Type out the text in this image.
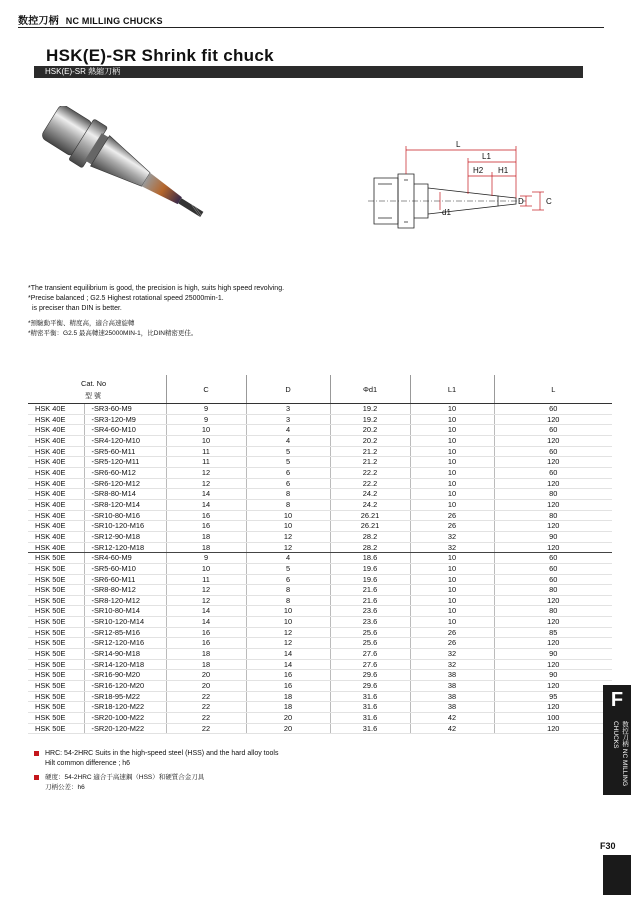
数控刀柄 NC MILLING CHUCKS
HSK(E)-SR Shrink fit chuck
HSK(E)-SR 熱縮刀柄
L
L1
H2 H1
D	C
d1
*The transient equilibrium is good, the precision is high, suits high speed revolving.
*Precise balanced ; G2.5 Highest rotational speed 25000min-1.
is preciser than DIN is better.
*預驗動平衡、精度高，適合高速旋轉
*精密平衡：G2.5 最高轉速25000MIN-1，比DIN精密更佳。
Cat. No
型 號		C	D	Φd1	L1	L
HSK 40E	-SR3-60-M9	9	3	19.2	10	60
HSK 40E	-SR3-120-M9	9	3	19.2	10	120
HSK 40E	-SR4-60-M10	10	4	20.2	10	60
HSK 40E	-SR4-120-M10	10	4	20.2	10	120
HSK 40E	-SR5-60-M11	11	5	21.2	10	60
HSK 40E	-SR5-120-M11	11	5	21.2	10	120
HSK 40E	-SR6-60-M12	12	6	22.2	10	60
HSK 40E	-SR6-120-M12	12	6	22.2	10	120
HSK 40E	-SR8-80-M14	14	8	24.2	10	80
HSK 40E	-SR8-120-M14	14	8	24.2	10	120
HSK 40E	-SR10-80-M16	16	10	26.21	26	80
HSK 40E	-SR10-120-M16	16	10	26.21	26	120
HSK 40E	-SR12-90-M18	18	12	28.2	32	90
HSK 40E	-SR12-120-M18	18	12	28.2	32	120
HSK 50E	-SR4-60-M9	9	4	18.6	10	60
HSK 50E	-SR5-60-M10	10	5	19.6	10	60
HSK 50E	-SR6-60-M11	11	6	19.6	10	60
HSK 50E	-SR8-80-M12	12	8	21.6	10	80
HSK 50E	-SR8-120-M12	12	8	21.6	10	120
HSK 50E	-SR10-80-M14	14	10	23.6	10	80
HSK 50E	-SR10-120-M14	14	10	23.6	10	120
HSK 50E	-SR12-85-M16	16	12	25.6	26	85
HSK 50E	-SR12-120-M16	16	12	25.6	26	120
HSK 50E	-SR14-90-M18	18	14	27.6	32	90
HSK 50E	-SR14-120-M18	18	14	27.6	32	120
HSK 50E	-SR16-90-M20	20	16	29.6	38	90
HSK 50E	-SR16-120-M20	20	16	29.6	38	120
HSK 50E	-SR18-95-M22	22	18	31.6	38	95
HSK 50E	-SR18-120-M22	22	18	31.6	38	120
HSK 50E	-SR20-100-M22	22	20	31.6	42	100
HSK 50E	-SR20-120-M22	22	20	31.6	42	120
HRC: 54-2HRC Suits in the high-speed steel (HSS) and the hard alloy tools
Hilt common difference ; h6
硬度：54-2HRC 適合于高速鋼（HSS）和硬質合金刀具
刀柄公差：h6
F
数控刀柄 NC MILLING CHUCKS
F30
